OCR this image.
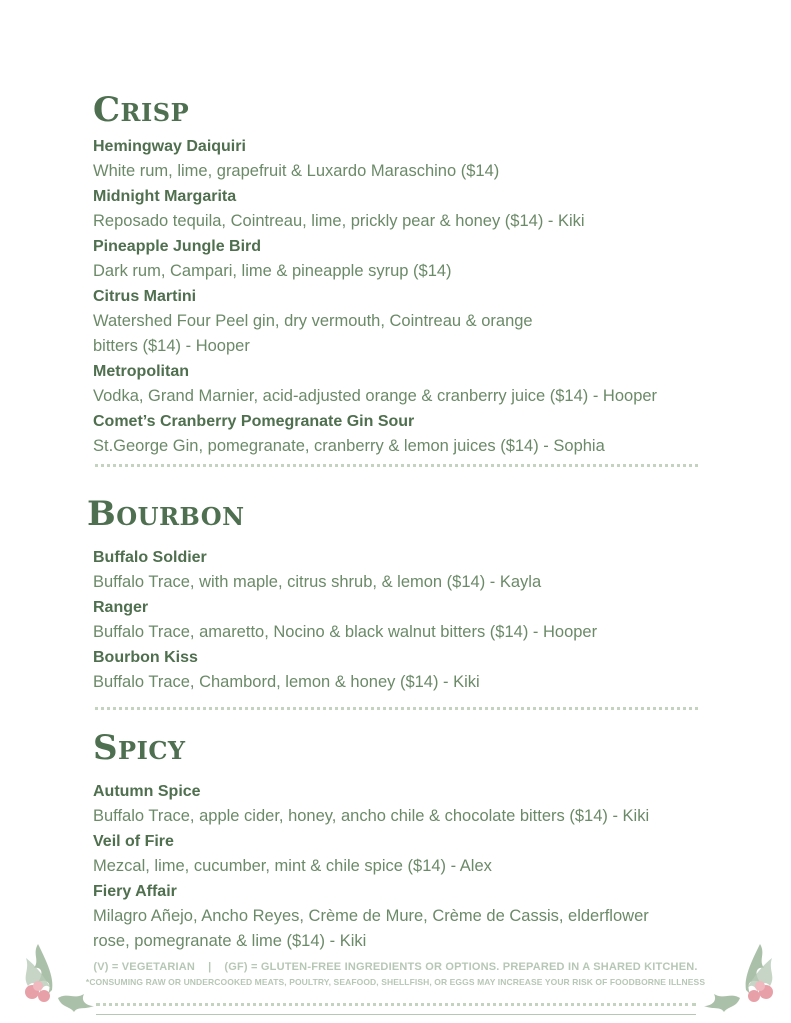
Crisp
Hemingway Daiquiri
White rum, lime, grapefruit & Luxardo Maraschino ($14)
Midnight Margarita
Reposado tequila, Cointreau, lime, prickly pear & honey ($14) - Kiki
Pineapple Jungle Bird
Dark rum, Campari, lime & pineapple syrup ($14)
Citrus Martini
Watershed Four Peel gin, dry vermouth, Cointreau & orange
bitters ($14) - Hooper
Metropolitan
Vodka, Grand Marnier, acid-adjusted orange & cranberry juice ($14) - Hooper
Comet’s Cranberry Pomegranate Gin Sour
St.George Gin, pomegranate, cranberry & lemon juices ($14) - Sophia
Bourbon
Buffalo Soldier
Buffalo Trace, with maple, citrus shrub, & lemon ($14) - Kayla
Ranger
Buffalo Trace, amaretto, Nocino & black walnut bitters ($14) - Hooper
Bourbon Kiss
Buffalo Trace, Chambord, lemon & honey ($14) - Kiki
Spicy
Autumn Spice
Buffalo Trace, apple cider, honey, ancho chile & chocolate bitters ($14) - Kiki
Veil of Fire
Mezcal, lime, cucumber, mint & chile spice ($14) - Alex
Fiery Affair
Milagro Añejo, Ancho Reyes, Crème de Mure, Crème de Cassis, elderflower
rose, pomegranate & lime ($14) - Kiki
(V) = VEGETARIAN    |    (GF) = GLUTEN-FREE INGREDIENTS OR OPTIONS. PREPARED IN A SHARED KITCHEN.
*CONSUMING RAW OR UNDERCOOKED MEATS, POULTRY, SEAFOOD, SHELLFISH, OR EGGS MAY INCREASE YOUR RISK OF FOODBORNE ILLNESS
